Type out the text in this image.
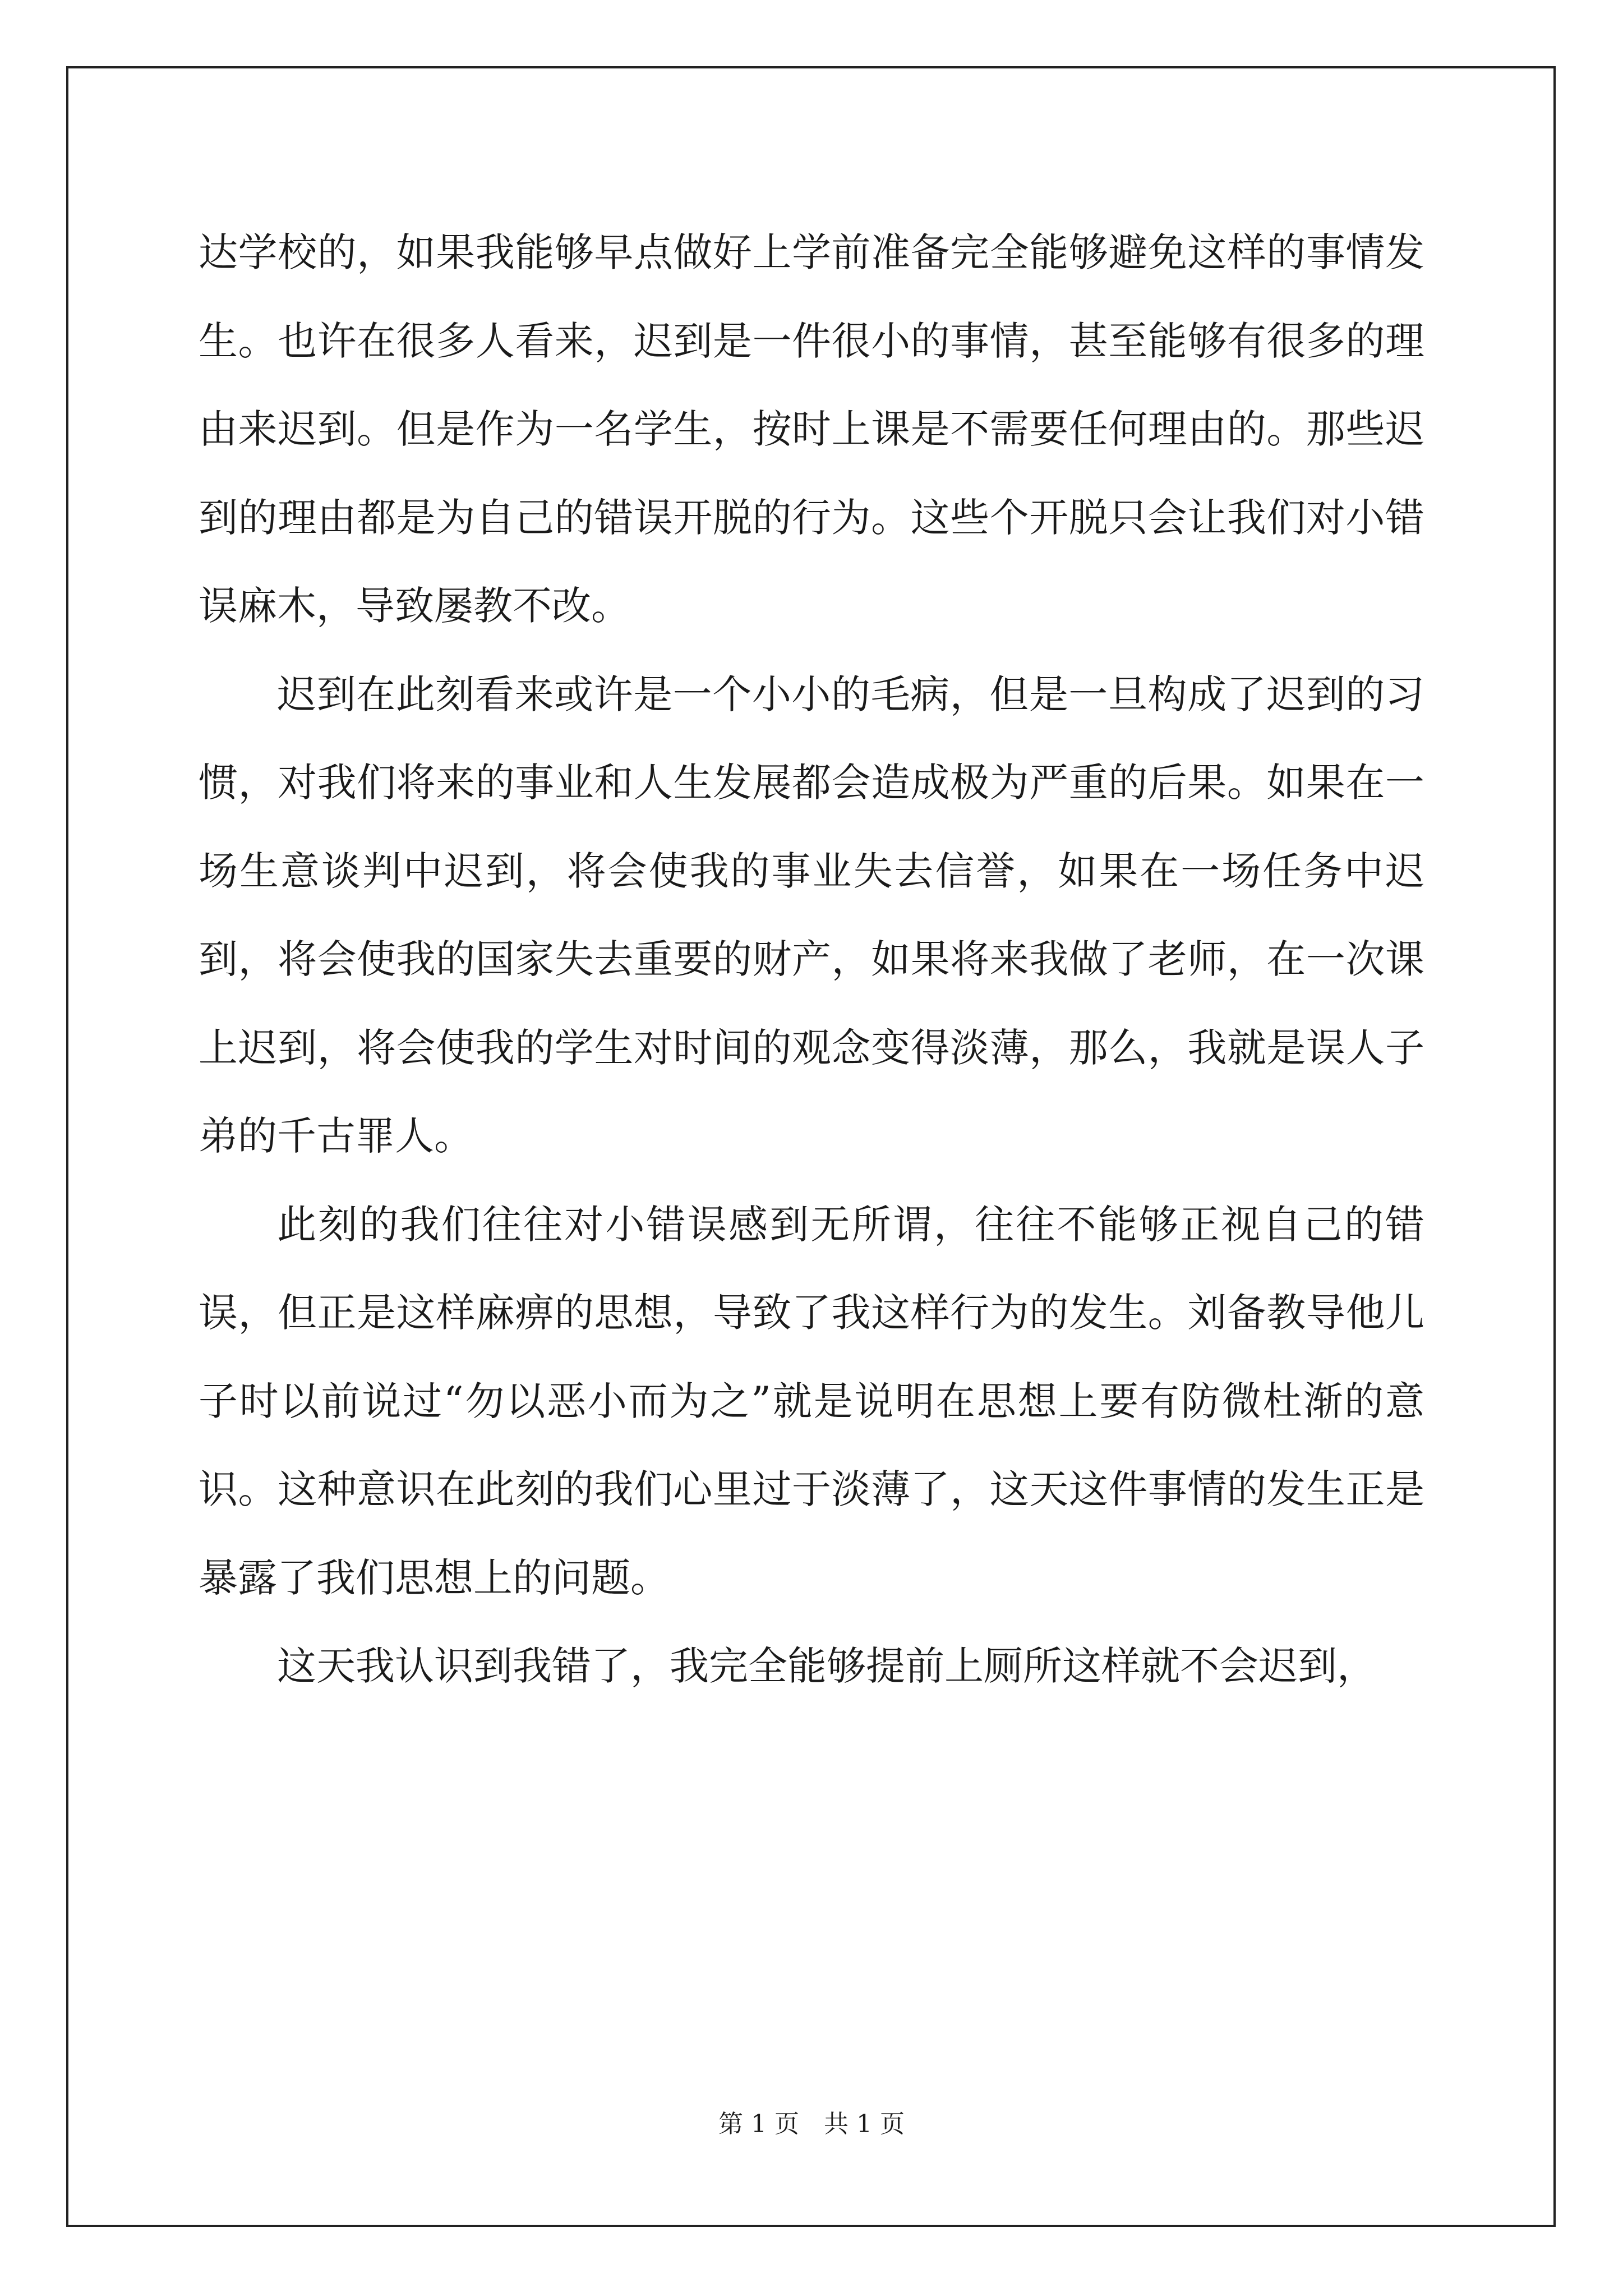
达学校的，如果我能够早点做好上学前准备完全能够避免这样的事情发生。也许在很多人看来，迟到是一件很小的事情，甚至能够有很多的理由来迟到。但是作为一名学生，按时上课是不需要任何理由的。那些迟到的理由都是为自己的错误开脱的行为。这些个开脱只会让我们对小错误麻木，导致屡教不改。

迟到在此刻看来或许是一个小小的毛病，但是一旦构成了迟到的习惯，对我们将来的事业和人生发展都会造成极为严重的后果。如果在一场生意谈判中迟到，将会使我的事业失去信誉，如果在一场任务中迟到，将会使我的国家失去重要的财产，如果将来我做了老师，在一次课上迟到，将会使我的学生对时间的观念变得淡薄，那么，我就是误人子弟的千古罪人。

此刻的我们往往对小错误感到无所谓，往往不能够正视自己的错误，但正是这样麻痹的思想，导致了我这样行为的发生。刘备教导他儿子时以前说过“勿以恶小而为之”就是说明在思想上要有防微杜渐的意识。这种意识在此刻的我们心里过于淡薄了，这天这件事情的发生正是暴露了我们思想上的问题。

这天我认识到我错了，我完全能够提前上厕所这样就不会迟到，

第 1 页　共 1 页
